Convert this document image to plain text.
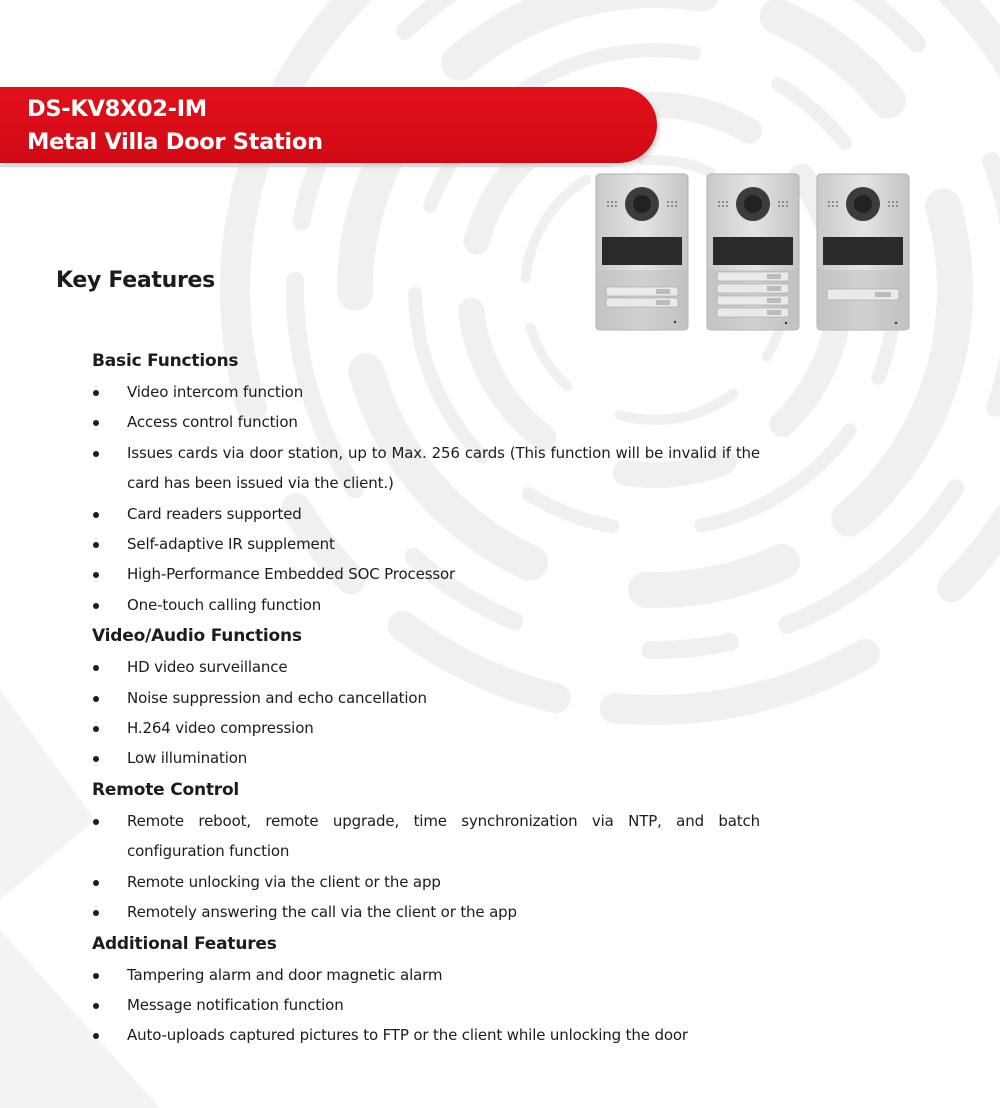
DS-KV8X02-IM
Metal Villa Door Station
Key Features
Basic Functions
Video intercom function
Access control function
Issues cards via door station, up to Max. 256 cards (This function will be invalid if the card has been issued via the client.)
Card readers supported
Self-adaptive IR supplement
High-Performance Embedded SOC Processor
One-touch calling function
Video/Audio Functions
HD video surveillance
Noise suppression and echo cancellation
H.264 video compression
Low illumination
Remote Control
Remote reboot, remote upgrade, time synchronization via NTP, and batch configuration function
Remote unlocking via the client or the app
Remotely answering the call via the client or the app
Additional Features
Tampering alarm and door magnetic alarm
Message notification function
Auto-uploads captured pictures to FTP or the client while unlocking the door
